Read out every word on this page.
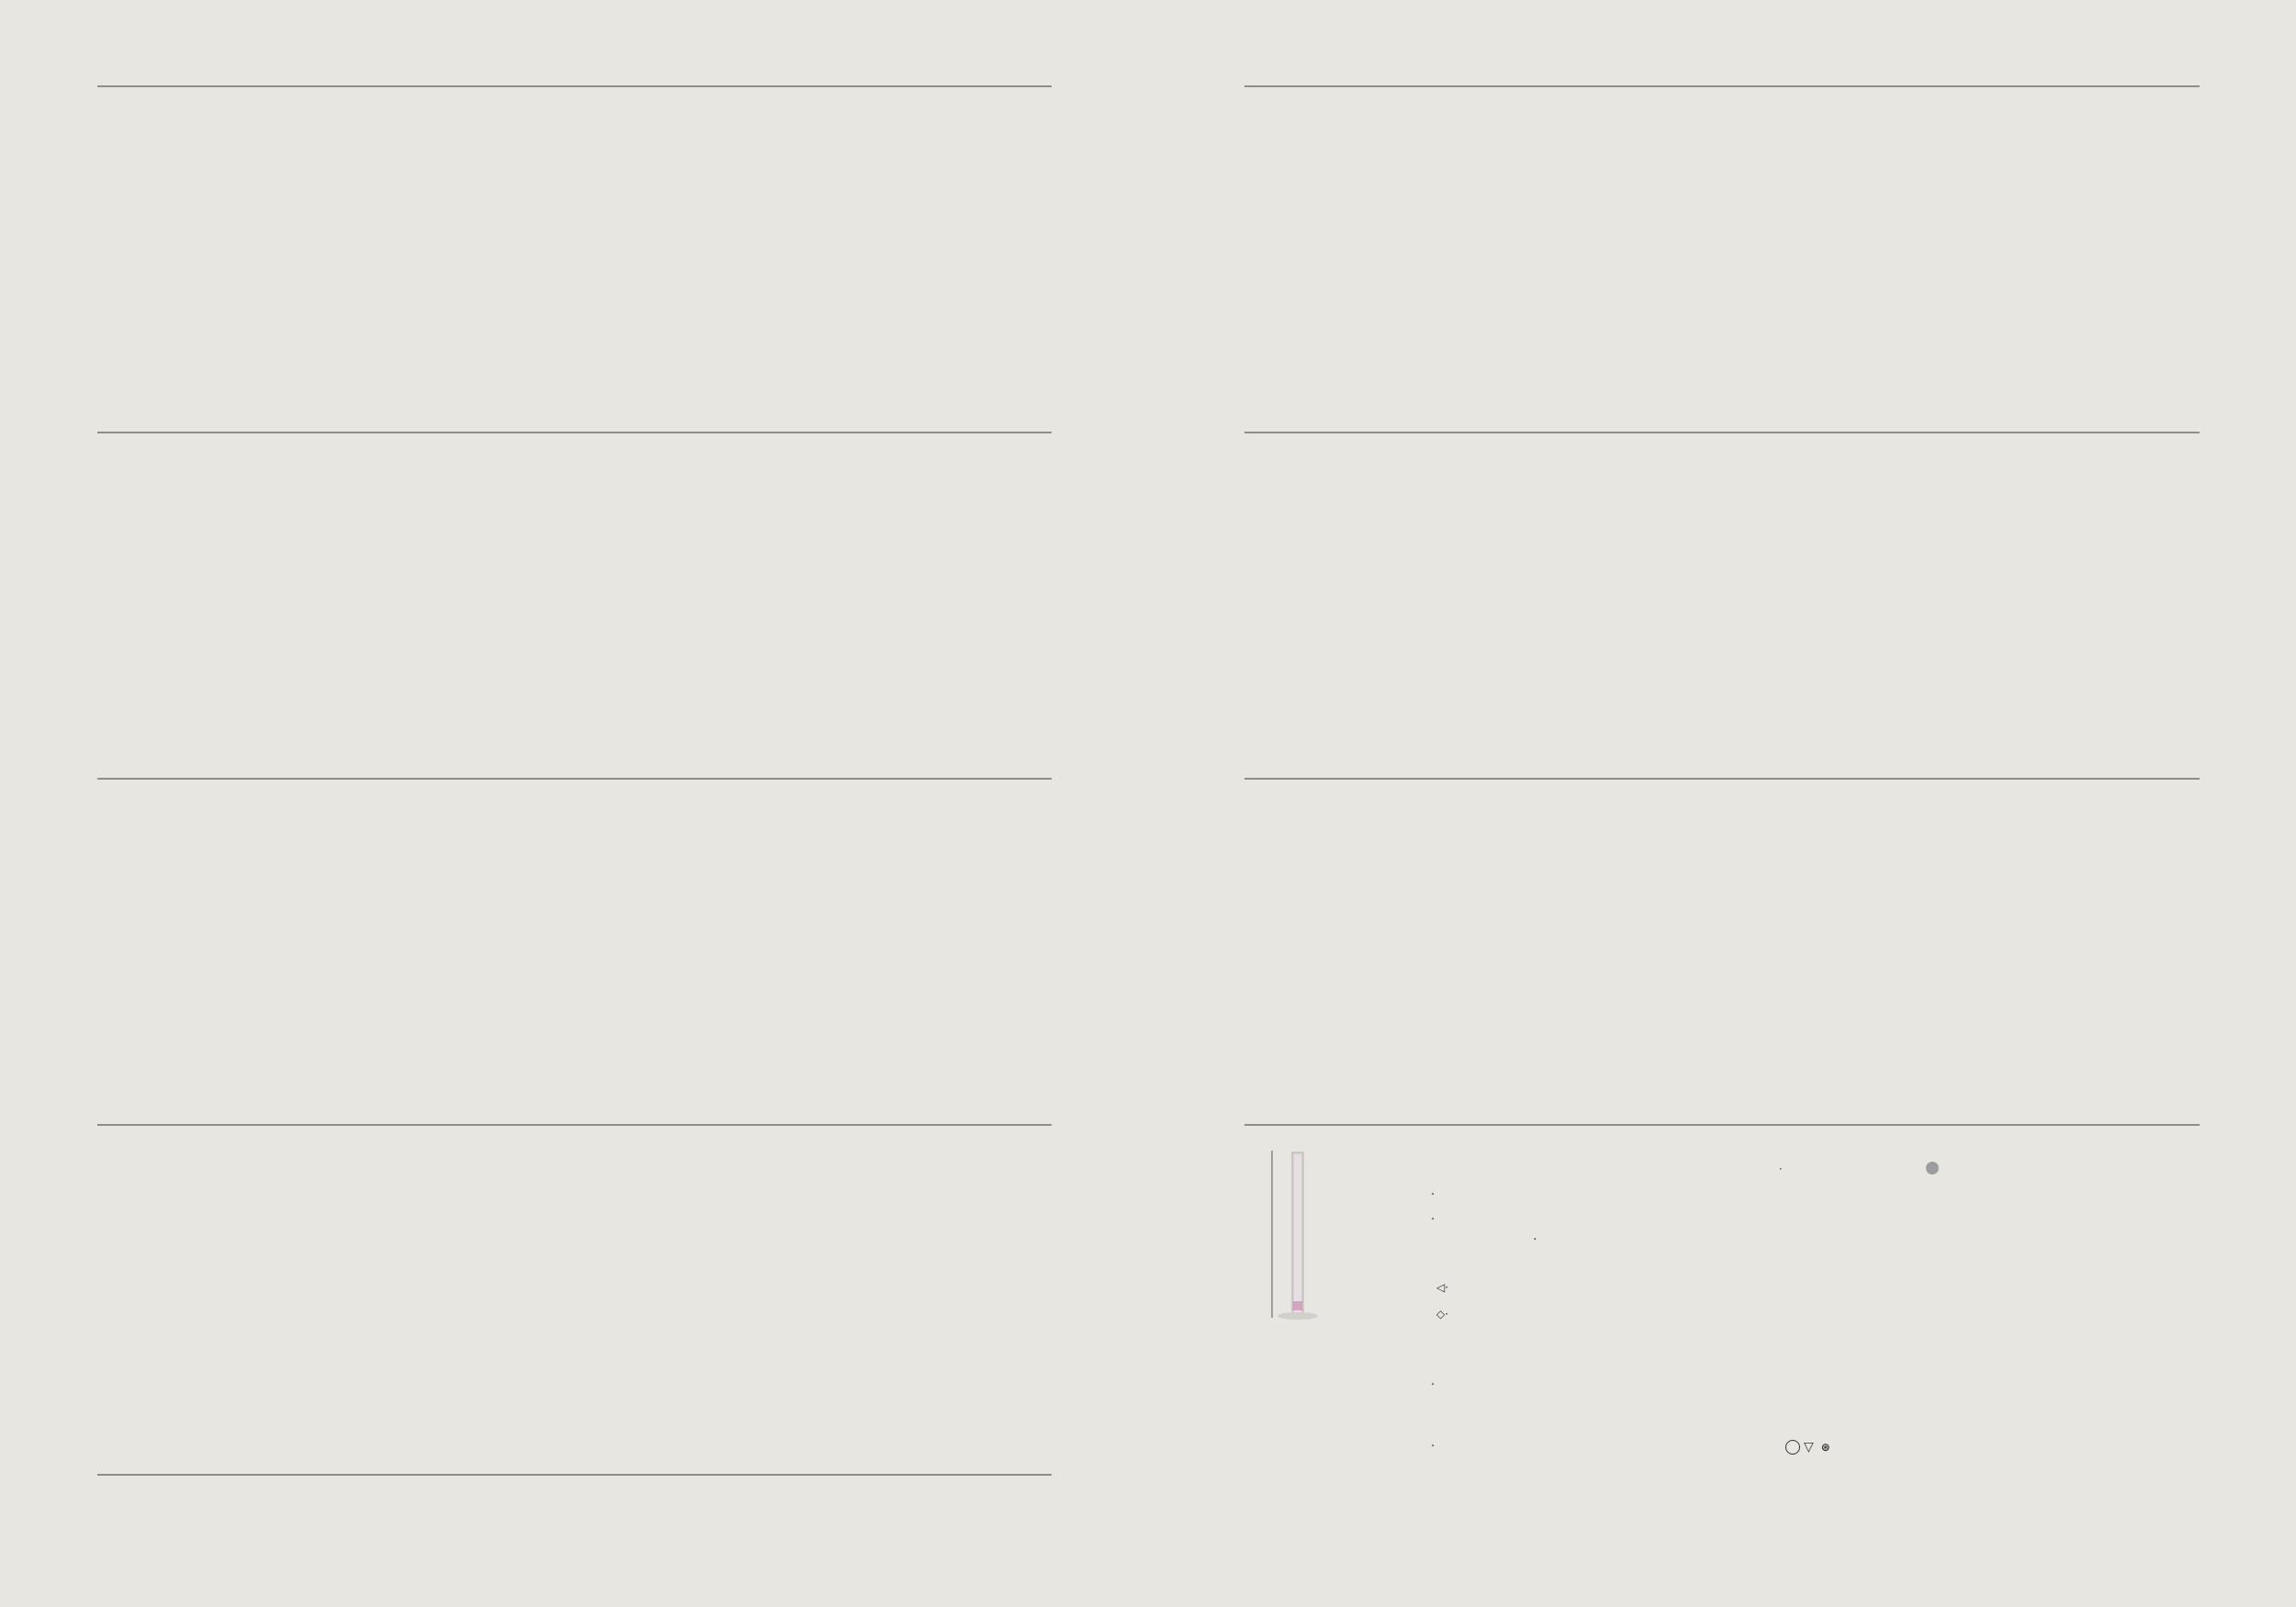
◁·
◇·
·
·
·
·
·	▽ ⊛
·
